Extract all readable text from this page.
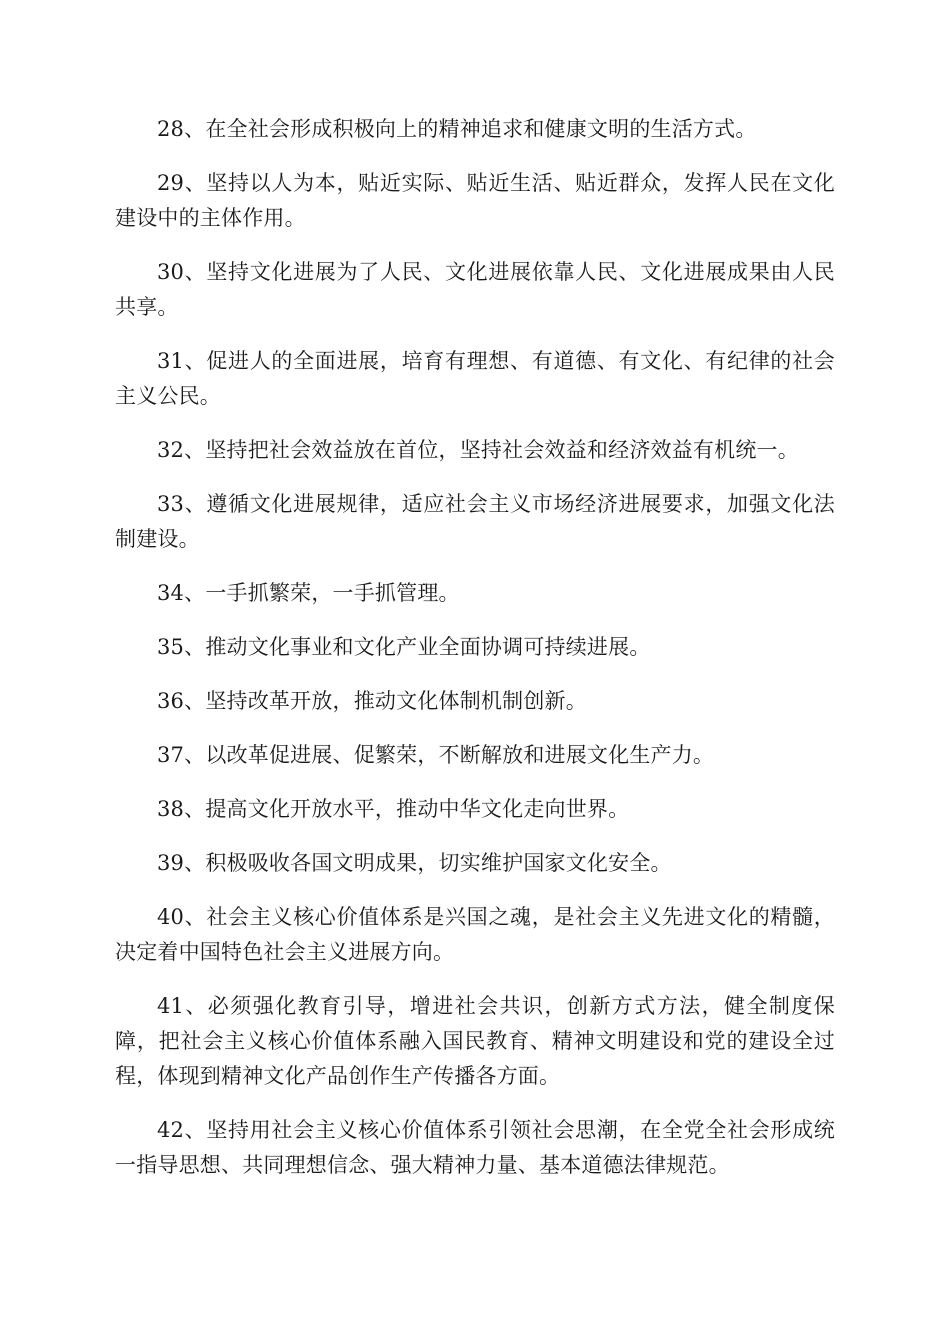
28、在全社会形成积极向上的精神追求和健康文明的生活方式。

29、坚持以人为本，贴近实际、贴近生活、贴近群众，发挥人民在文化建设中的主体作用。

30、坚持文化进展为了人民、文化进展依靠人民、文化进展成果由人民共享。

31、促进人的全面进展，培育有理想、有道德、有文化、有纪律的社会主义公民。

32、坚持把社会效益放在首位，坚持社会效益和经济效益有机统一。

33、遵循文化进展规律，适应社会主义市场经济进展要求，加强文化法制建设。

34、一手抓繁荣，一手抓管理。

35、推动文化事业和文化产业全面协调可持续进展。

36、坚持改革开放，推动文化体制机制创新。

37、以改革促进展、促繁荣，不断解放和进展文化生产力。

38、提高文化开放水平，推动中华文化走向世界。

39、积极吸收各国文明成果，切实维护国家文化安全。

40、社会主义核心价值体系是兴国之魂，是社会主义先进文化的精髓，决定着中国特色社会主义进展方向。

41、必须强化教育引导，增进社会共识，创新方式方法，健全制度保障，把社会主义核心价值体系融入国民教育、精神文明建设和党的建设全过程，体现到精神文化产品创作生产传播各方面。

42、坚持用社会主义核心价值体系引领社会思潮，在全党全社会形成统一指导思想、共同理想信念、强大精神力量、基本道德法律规范。
